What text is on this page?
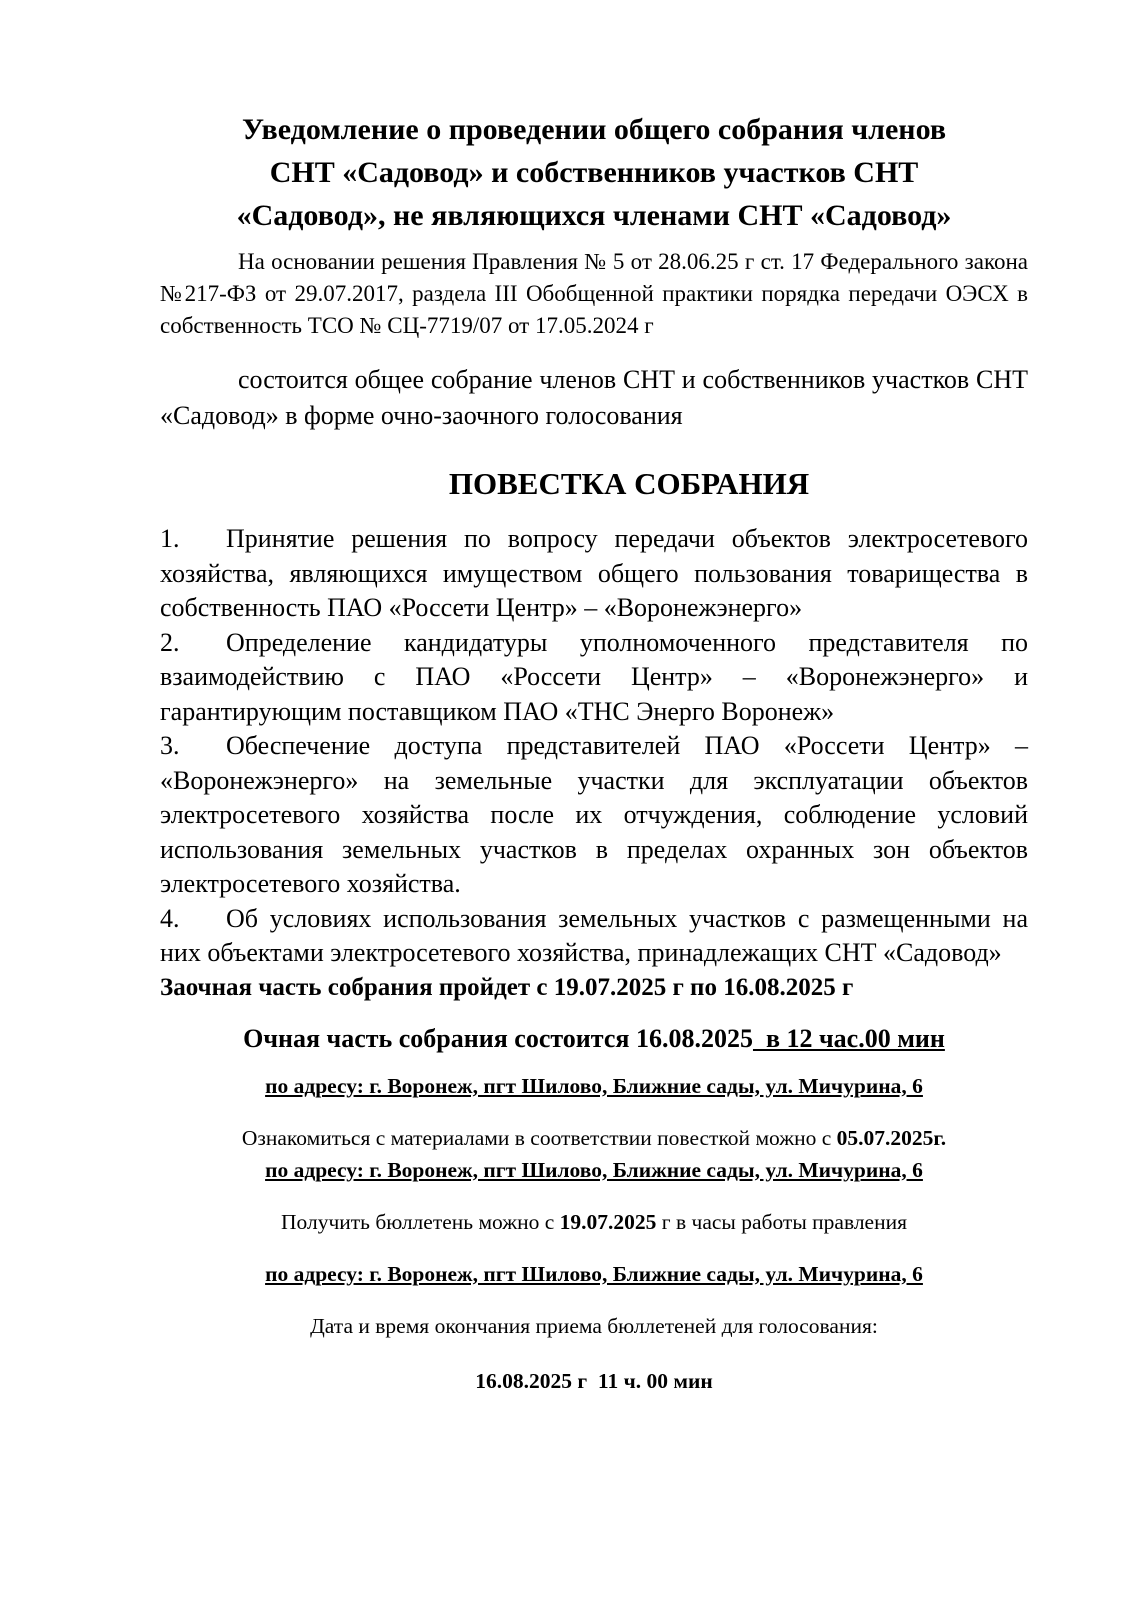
Уведомление о проведении общего собрания членов

СНТ «Садовод» и собственников участков СНТ

«Садовод», не являющихся членами СНТ «Садовод»

На основании решения Правления № 5 от 28.06.25 г ст. 17 Федерального закона №217-ФЗ от 29.07.2017, раздела III Обобщенной практики порядка передачи ОЭСХ в собственность ТСО № СЦ-7719/07 от 17.05.2024 г

состоится общее собрание членов СНТ и собственников участков СНТ «Садовод» в форме очно-заочного голосования

ПОВЕСТКА СОБРАНИЯ

1. Принятие решения по вопросу передачи объектов электросетевого хозяйства, являющихся имуществом общего пользования товарищества в собственность ПАО «Россети Центр» – «Воронежэнерго»

2. Определение кандидатуры уполномоченного представителя по взаимодействию с ПАО «Россети Центр» – «Воронежэнерго» и гарантирующим поставщиком ПАО «ТНС Энерго Воронеж»

3. Обеспечение доступа представителей ПАО «Россети Центр» – «Воронежэнерго» на земельные участки для эксплуатации объектов электросетевого хозяйства после их отчуждения, соблюдение условий использования земельных участков в пределах охранных зон объектов электросетевого хозяйства.

4. Об условиях использования земельных участков с размещенными на них объектами электросетевого хозяйства, принадлежащих СНТ «Садовод»

Заочная часть собрания пройдет с 19.07.2025 г по 16.08.2025 г

Очная часть собрания состоится 16.08.2025  в 12 час.00 мин

по адресу: г. Воронеж, пгт Шилово, Ближние сады, ул. Мичурина, 6

Ознакомиться с материалами в соответствии повесткой можно с 05.07.2025г.

по адресу: г. Воронеж, пгт Шилово, Ближние сады, ул. Мичурина, 6

Получить бюллетень можно с 19.07.2025 г в часы работы правления

по адресу: г. Воронеж, пгт Шилово, Ближние сады, ул. Мичурина, 6

Дата и время окончания приема бюллетеней для голосования:

16.08.2025 г  11 ч. 00 мин
